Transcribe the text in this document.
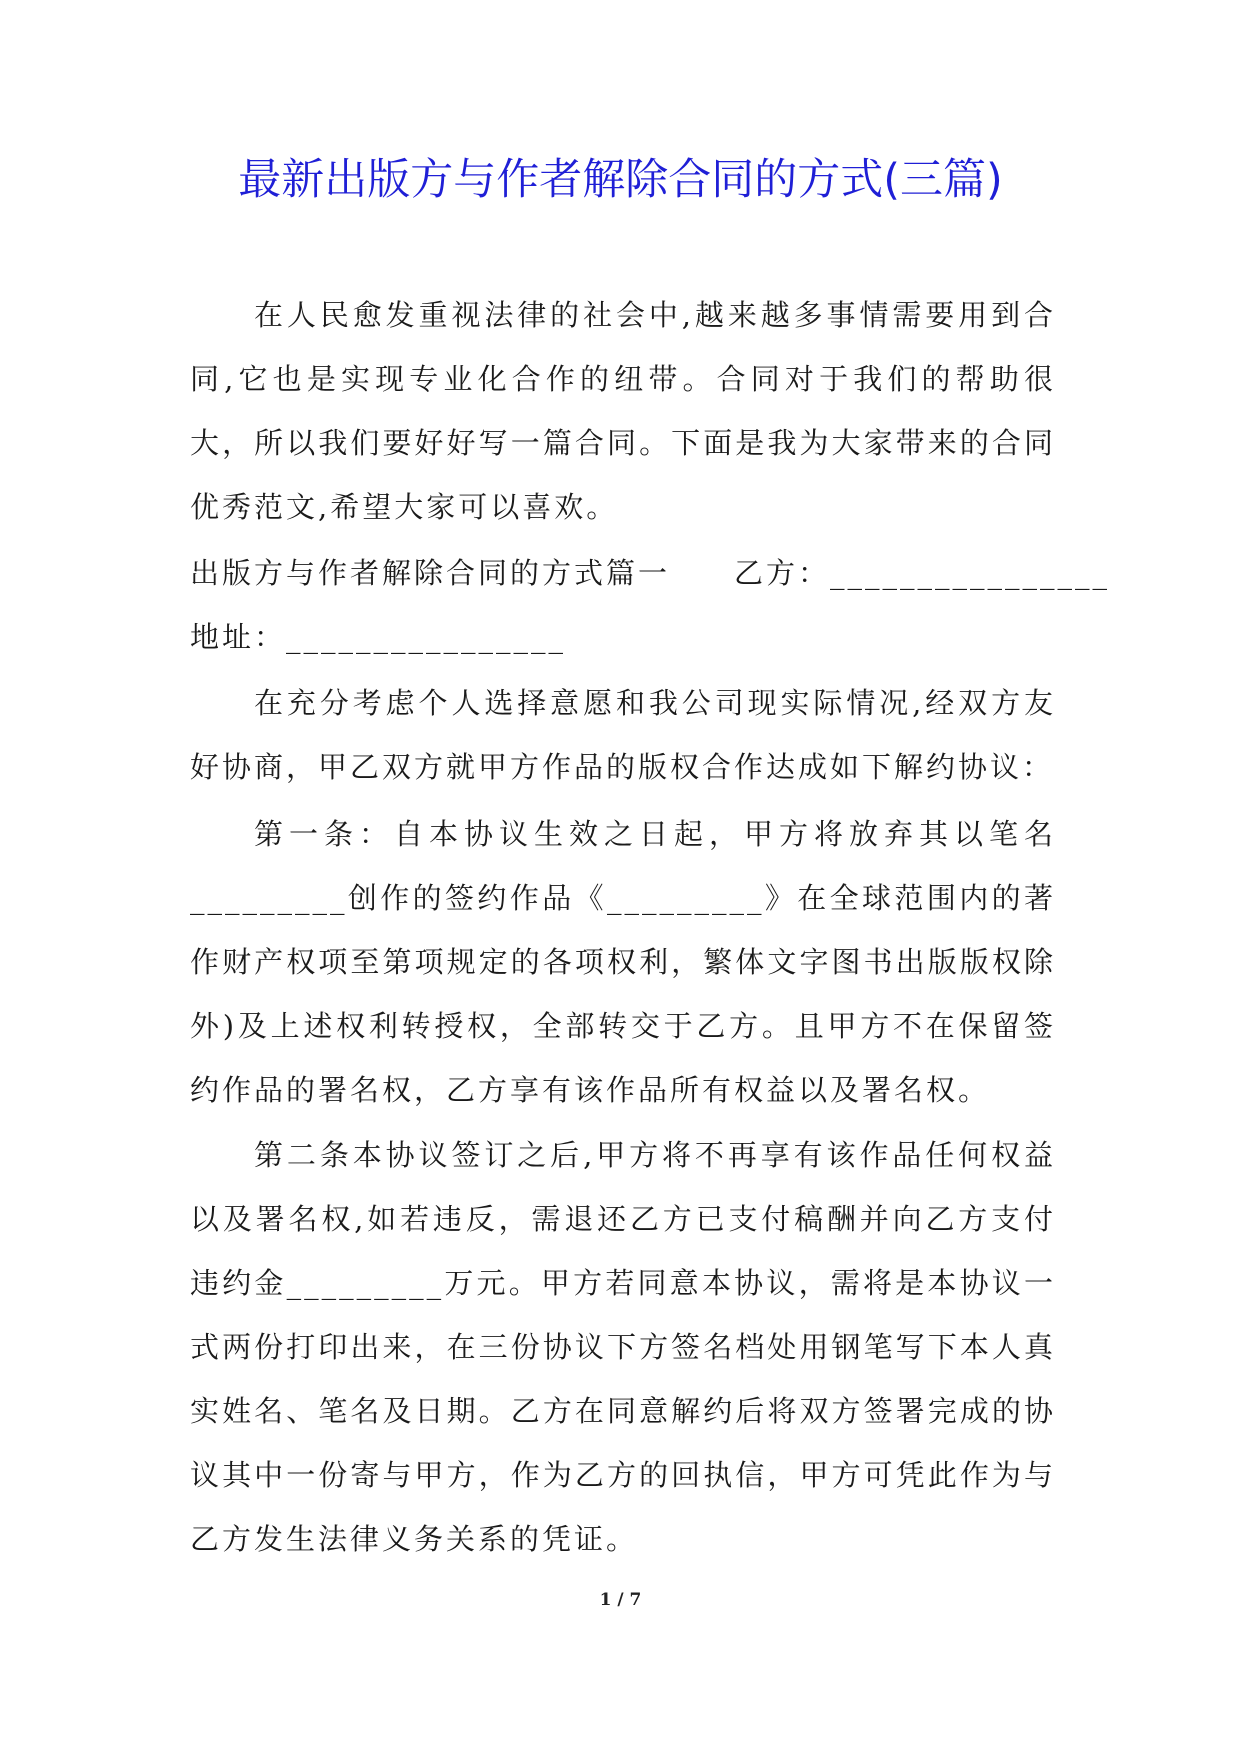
最新出版方与作者解除合同的方式(三篇)
在人民愈发重视法律的社会中,越来越多事情需要用到合同,它也是实现专业化合作的纽带。合同对于我们的帮助很大，所以我们要好好写一篇合同。下面是我为大家带来的合同优秀范文,希望大家可以喜欢。
出版方与作者解除合同的方式篇一 乙方：________________
地址：________________
在充分考虑个人选择意愿和我公司现实际情况,经双方友好协商，甲乙双方就甲方作品的版权合作达成如下解约协议：
第一条：自本协议生效之日起，甲方将放弃其以笔名_________创作的签约作品《_________》在全球范围内的著作财产权项至第项规定的各项权利，繁体文字图书出版版权除外)及上述权利转授权，全部转交于乙方。且甲方不在保留签约作品的署名权，乙方享有该作品所有权益以及署名权。
第二条本协议签订之后,甲方将不再享有该作品任何权益以及署名权,如若违反，需退还乙方已支付稿酬并向乙方支付违约金_________万元。甲方若同意本协议，需将是本协议一式两份打印出来，在三份协议下方签名档处用钢笔写下本人真实姓名、笔名及日期。乙方在同意解约后将双方签署完成的协议其中一份寄与甲方，作为乙方的回执信，甲方可凭此作为与乙方发生法律义务关系的凭证。
1 / 7
